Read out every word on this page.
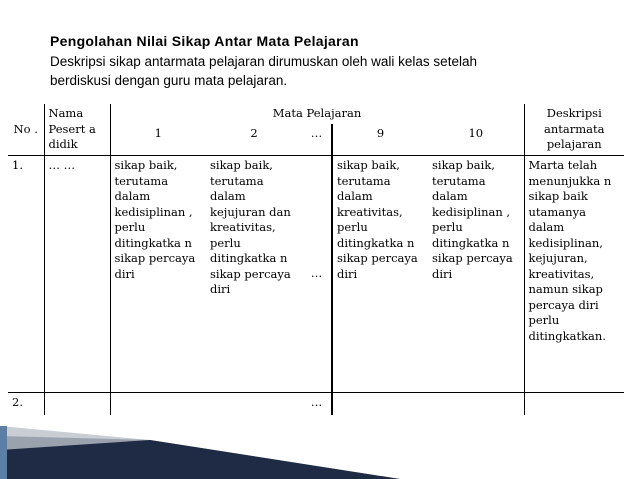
Pengolahan Nilai Sikap Antar Mata Pelajaran
Deskripsi sikap antarmata pelajaran dirumuskan oleh wali kelas setelah
berdiskusi dengan guru mata pelajaran.
No .	Nama Pesert a didik	Mata Pelajaran					Deskripsi antarmata pelajaran
		1	2	…	9	10	
1.	… …	sikap baik, terutama dalam kedisiplinan , perlu ditingkatka n sikap percaya diri	sikap baik, terutama dalam kejujuran dan kreativitas, perlu ditingkatka n sikap percaya diri	…	sikap baik, terutama dalam kreativitas, perlu ditingkatka n sikap percaya diri	sikap baik, terutama dalam kedisiplinan , perlu ditingkatka n sikap percaya diri	Marta telah menunjukka n sikap baik utamanya dalam kedisiplinan, kejujuran, kreativitas, namun sikap percaya diri perlu ditingkatkan.
2.				…			
